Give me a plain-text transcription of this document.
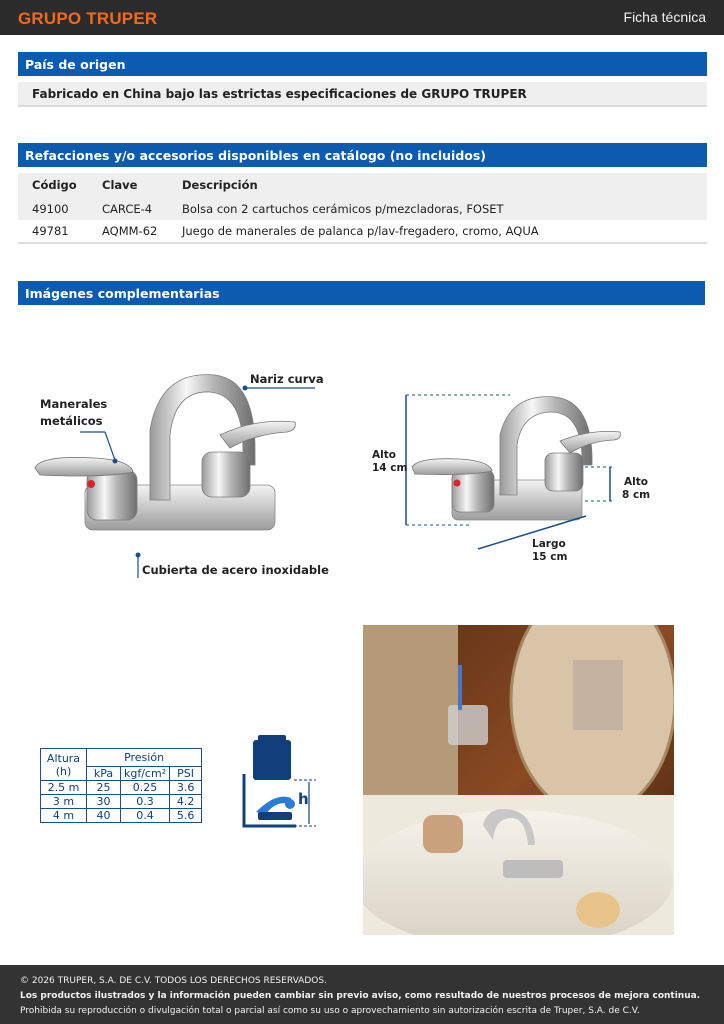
GRUPO TRUPER	Ficha técnica
País de origen
Fabricado en China bajo las estrictas especificaciones de GRUPO TRUPER
Refacciones y/o accesorios disponibles en catálogo (no incluidos)
Código	Clave	Descripción
49100	CARCE-4	Bolsa con 2 cartuchos cerámicos p/mezcladoras, FOSET
49781	AQMM-62	Juego de manerales de palanca p/lav-fregadero, cromo, AQUA
Imágenes complementarias
Manerales
metálicos
Nariz curva
Cubierta de acero inoxidable
Alto
14 cm
Alto
8 cm
Largo
15 cm
Altura
(h)	Presión		
	kPa	kgf/cm²	PSI
2.5 m	25	0.25	3.6
3 m	30	0.3	4.2
4 m	40	0.4	5.6
h
© 2026 TRUPER, S.A. DE C.V. TODOS LOS DERECHOS RESERVADOS.
Los productos ilustrados y la información pueden cambiar sin previo aviso, como resultado de nuestros procesos de mejora continua.
Prohibida su reproducción o divulgación total o parcial así como su uso o aprovechamiento sin autorización escrita de Truper, S.A. de C.V.
